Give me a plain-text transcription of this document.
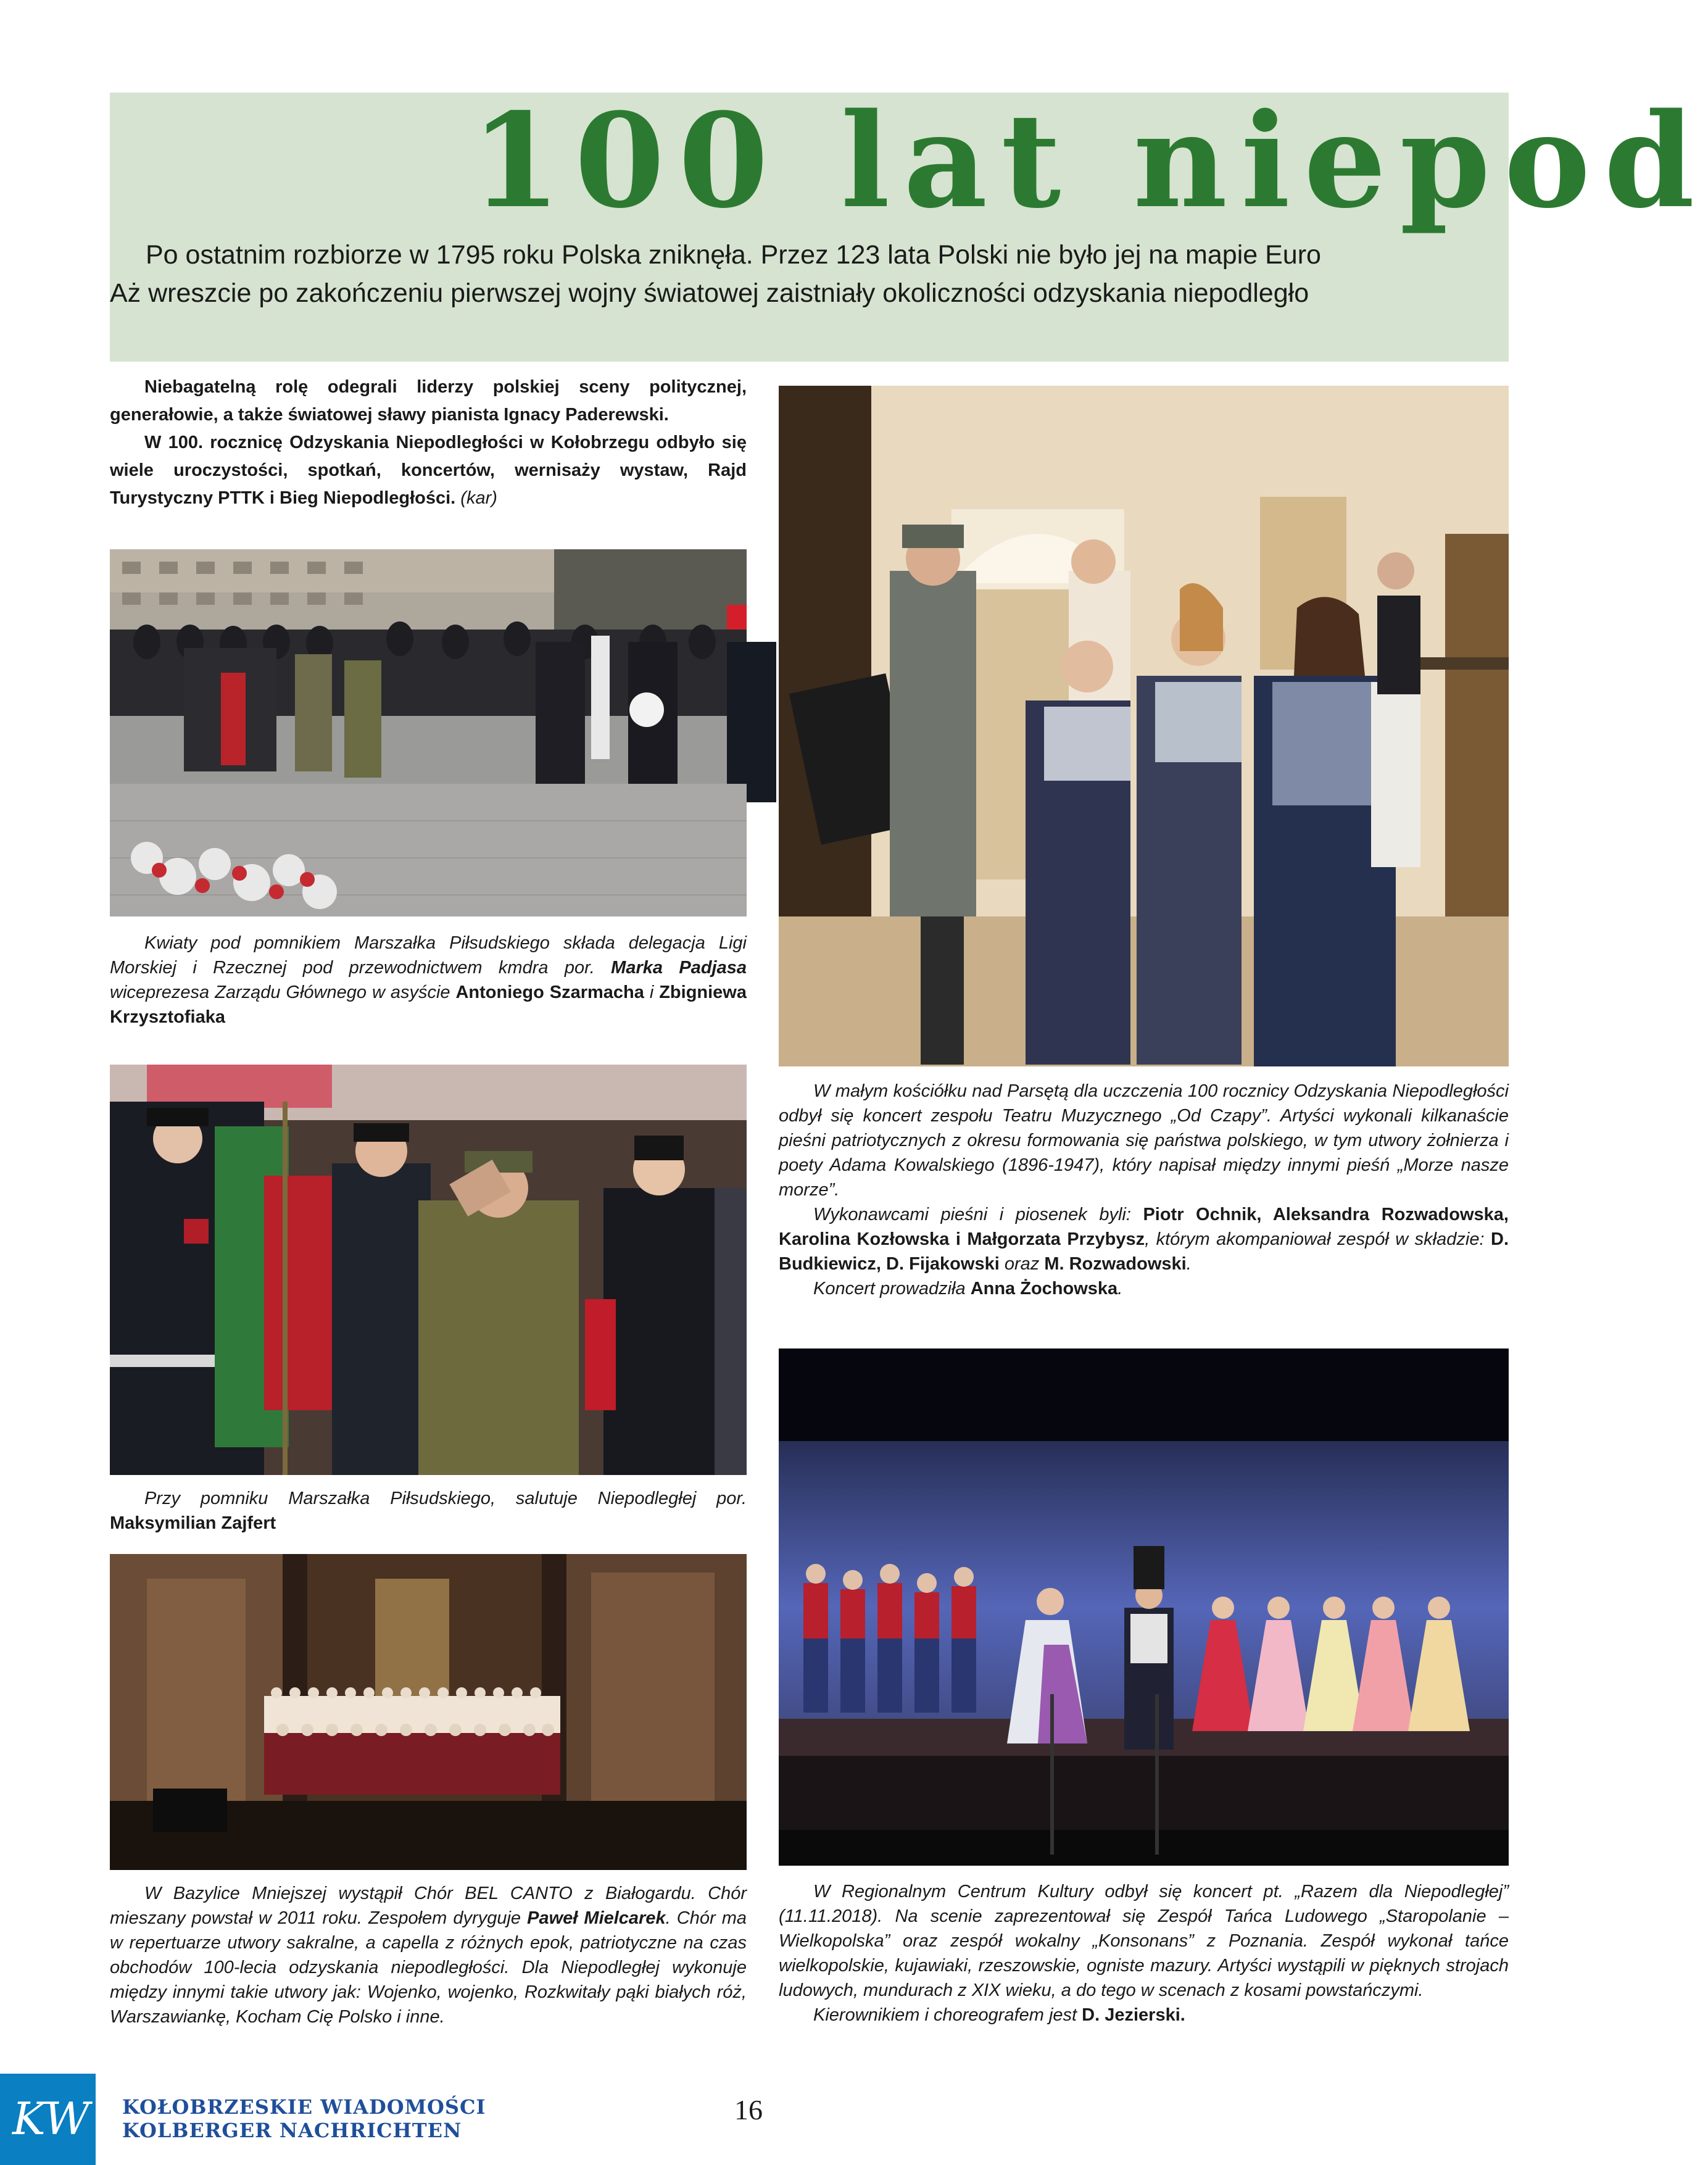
100 lat niepod
Po ostatnim rozbiorze w 1795 roku Polska zniknęła. Przez 123 lata Polski nie było jej na mapie Euro
Aż wreszcie po zakończeniu pierwszej wojny światowej zaistniały okoliczności odzyskania niepodległo

Niebagatelną rolę odegrali liderzy polskiej sceny politycznej, generałowie, a także światowej sławy pianista Ignacy Paderewski.

W 100. rocznicę Odzyskania Niepodległości w Kołobrzegu odbyło się wiele uroczystości, spotkań, koncertów, wernisaży wystaw, Rajd Turystyczny PTTK i Bieg Niepodległości. (kar)

Kwiaty pod pomnikiem Marszałka Piłsudskiego składa delegacja Ligi Morskiej i Rzecznej pod przewodnictwem kmdra por. Marka Padjasa wiceprezesa Zarządu Głównego w asyście Antoniego Szarmacha i Zbigniewa Krzysztofiaka

Przy pomniku Marszałka Piłsudskiego, salutuje Niepodległej por. Maksymilian Zajfert

W Bazylice Mniejszej wystąpił Chór BEL CANTO z Białogardu. Chór mieszany powstał w 2011 roku. Zespołem dyryguje Paweł Mielcarek. Chór ma w repertuarze utwory sakralne, a capella z różnych epok, patriotyczne na czas obchodów 100-lecia odzyskania niepodległości. Dla Niepodległej wykonuje między innymi takie utwory jak: Wojenko, wojenko, Rozkwitały pąki białych róż, Warszawiankę, Kocham Cię Polsko i inne.

W małym kościółku nad Parsętą dla uczczenia 100 rocznicy Odzyskania Niepodległości odbył się koncert zespołu Teatru Muzycznego „Od Czapy”. Artyści wykonali kilkanaście pieśni patriotycznych z okresu formowania się państwa polskiego, w tym utwory żołnierza i poety Adama Kowalskiego (1896-1947), który napisał między innymi pieśń „Morze nasze morze”.

Wykonawcami pieśni i piosenek byli: Piotr Ochnik, Aleksandra Rozwadowska, Karolina Kozłowska i Małgorzata Przybysz, którym akompaniował zespół w składzie: D. Budkiewicz, D. Fijakowski oraz M. Rozwadowski.

Koncert prowadziła Anna Żochowska.

W Regionalnym Centrum Kultury odbył się koncert pt. „Razem dla Niepodległej” (11.11.2018). Na scenie zaprezentował się Zespół Tańca Ludowego „Staropolanie – Wielkopolska” oraz zespół wokalny „Konsonans” z Poznania. Zespół wykonał tańce wielkopolskie, kujawiaki, rzeszowskie, ogniste mazury. Artyści wystąpili w pięknych strojach ludowych, mundurach z XIX wieku, a do tego w scenach z kosami powstańczymi.

Kierownikiem i choreografem jest D. Jezierski.

KW KOŁOBRZESKIE WIADOMOŚCI
KOLBERGER NACHRICHTEN
16
